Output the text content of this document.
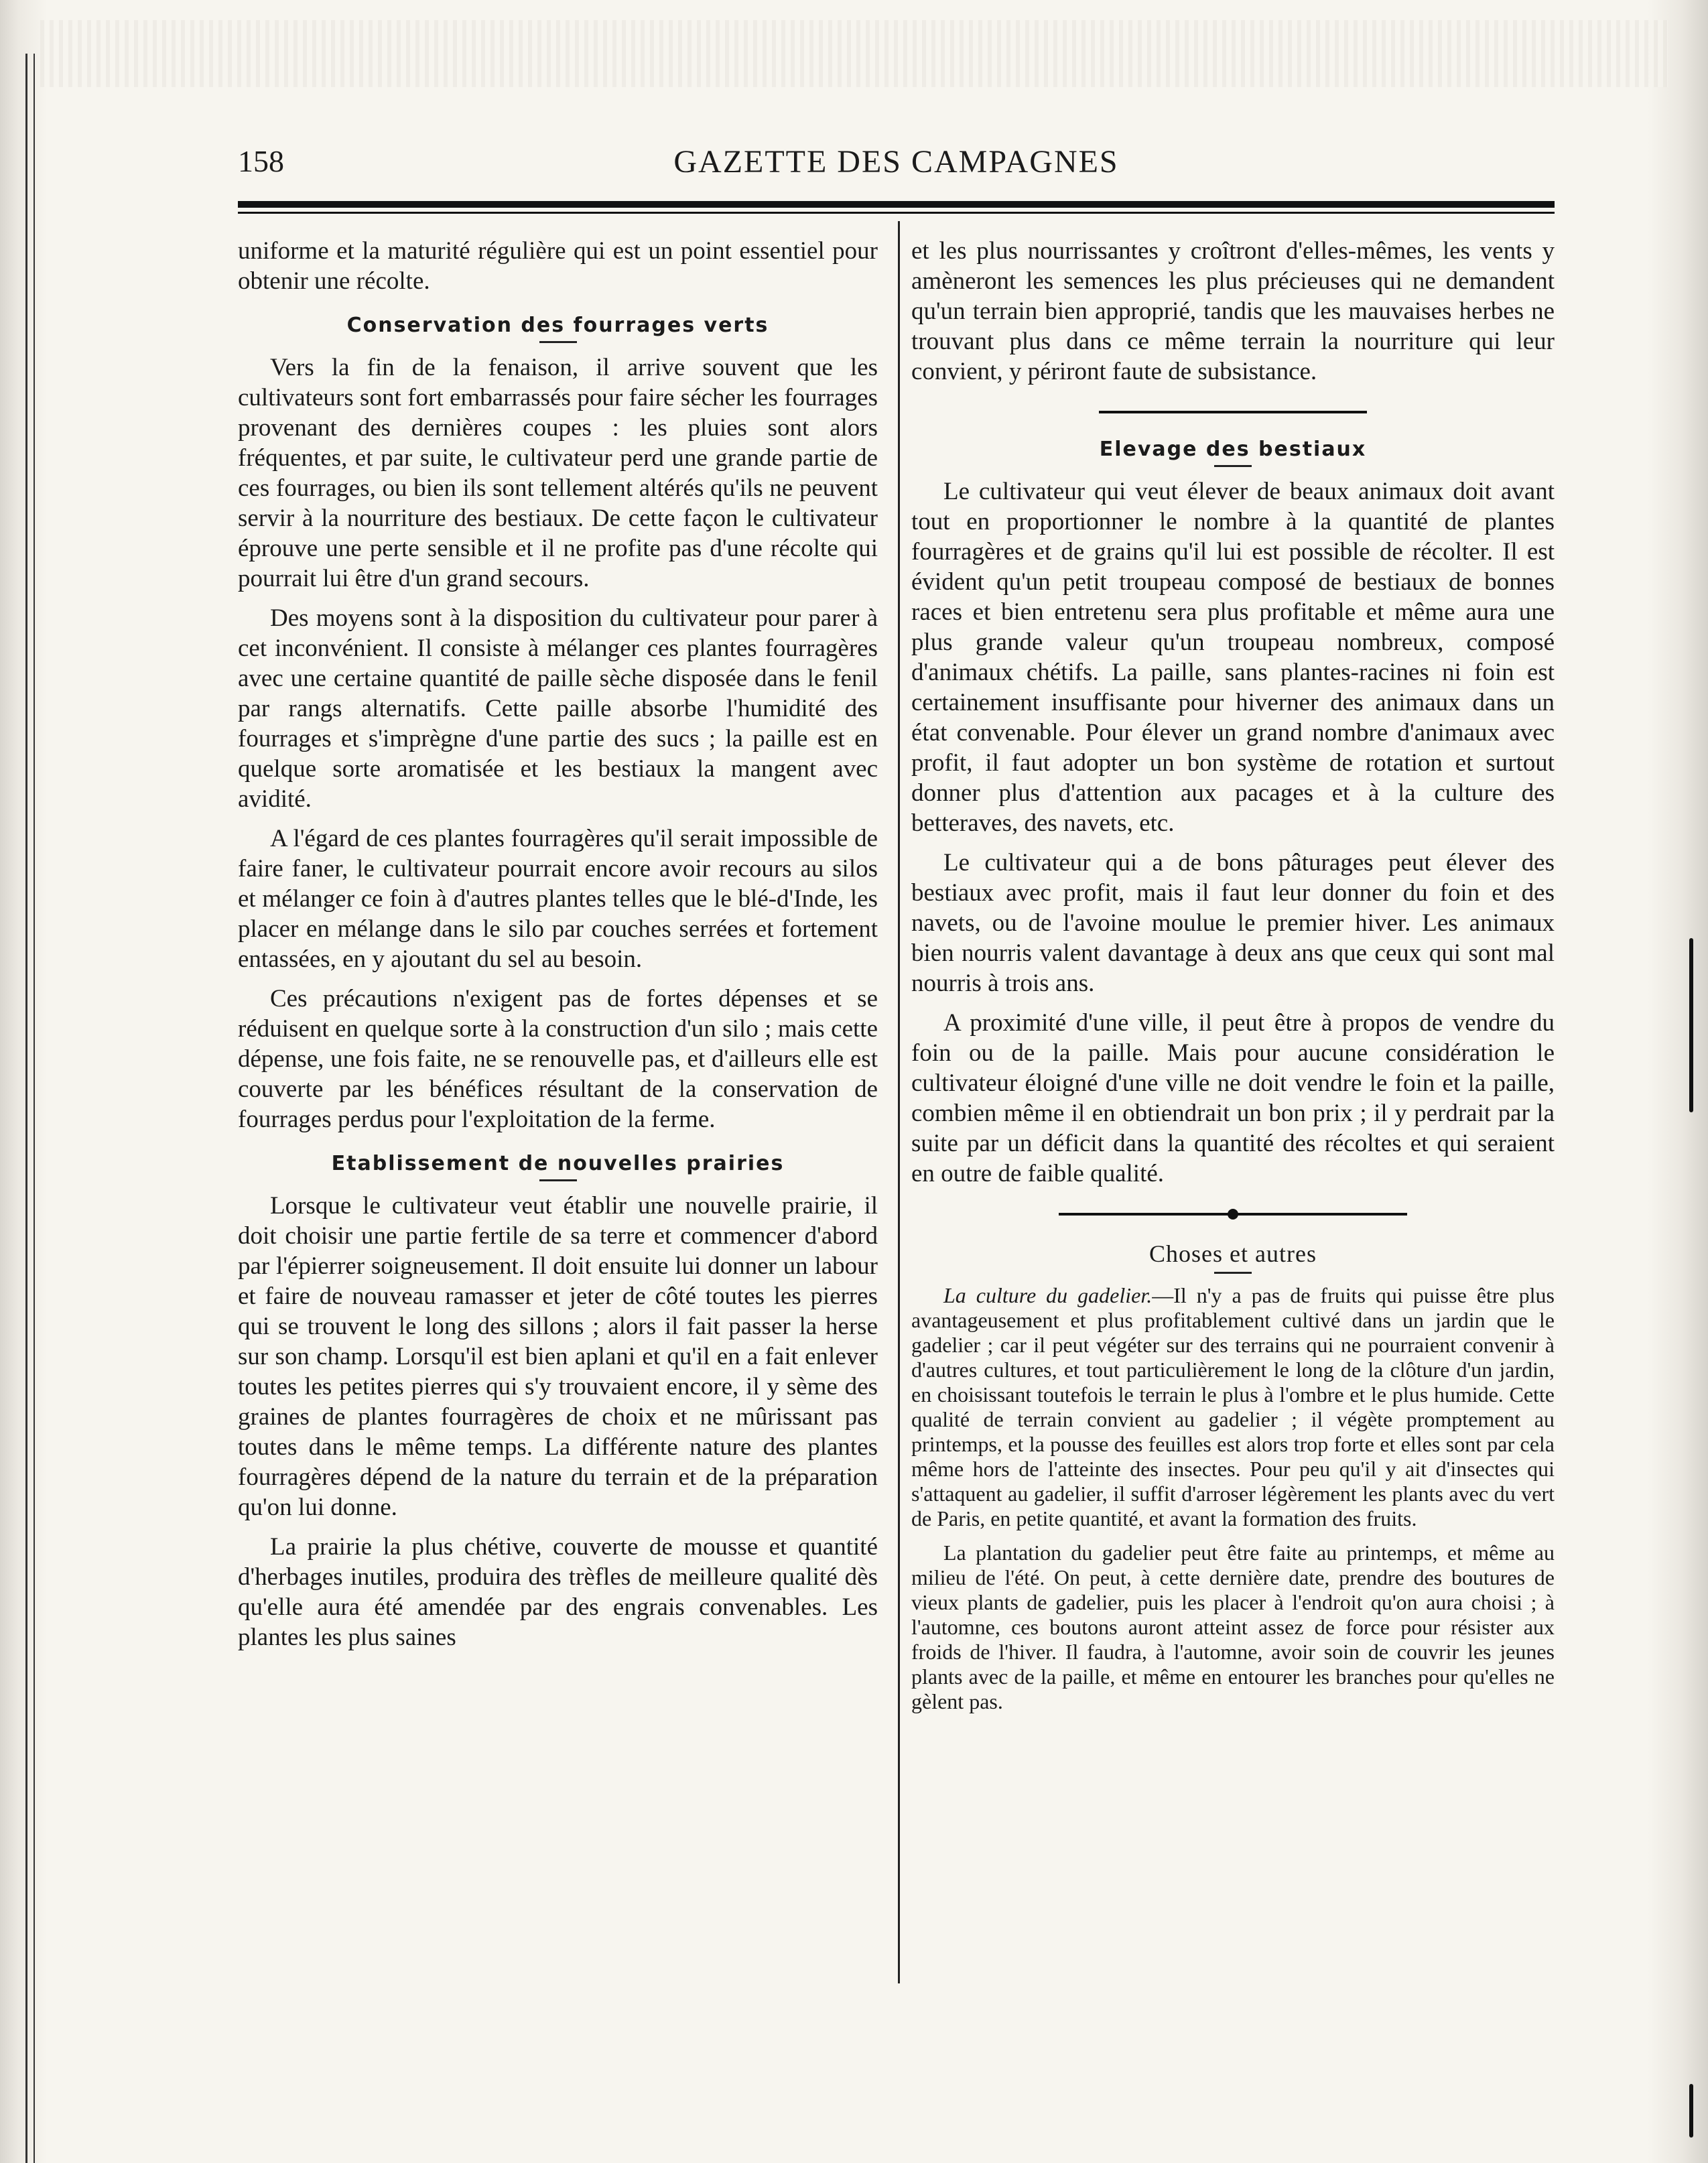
158	GAZETTE DES CAMPAGNES

uniforme et la maturité régulière qui est un point essentiel pour obtenir une récolte.

Conservation des fourrages verts

Vers la fin de la fenaison, il arrive souvent que les cultivateurs sont fort embarrassés pour faire sécher les fourrages provenant des dernières coupes : les pluies sont alors fréquentes, et par suite, le cultivateur perd une grande partie de ces fourrages, ou bien ils sont tellement altérés qu'ils ne peuvent servir à la nourriture des bestiaux. De cette façon le cultivateur éprouve une perte sensible et il ne profite pas d'une récolte qui pourrait lui être d'un grand secours.

Des moyens sont à la disposition du cultivateur pour parer à cet inconvénient. Il consiste à mélanger ces plantes fourragères avec une certaine quantité de paille sèche disposée dans le fenil par rangs alternatifs. Cette paille absorbe l'humidité des fourrages et s'imprègne d'une partie des sucs ; la paille est en quelque sorte aromatisée et les bestiaux la mangent avec avidité.

A l'égard de ces plantes fourragères qu'il serait impossible de faire faner, le cultivateur pourrait encore avoir recours au silos et mélanger ce foin à d'autres plantes telles que le blé-d'Inde, les placer en mélange dans le silo par couches serrées et fortement entassées, en y ajoutant du sel au besoin.

Ces précautions n'exigent pas de fortes dépenses et se réduisent en quelque sorte à la construction d'un silo ; mais cette dépense, une fois faite, ne se renouvelle pas, et d'ailleurs elle est couverte par les bénéfices résultant de la conservation de fourrages perdus pour l'exploitation de la ferme.

Etablissement de nouvelles prairies

Lorsque le cultivateur veut établir une nouvelle prairie, il doit choisir une partie fertile de sa terre et commencer d'abord par l'épierrer soigneusement. Il doit ensuite lui donner un labour et faire de nouveau ramasser et jeter de côté toutes les pierres qui se trouvent le long des sillons ; alors il fait passer la herse sur son champ. Lorsqu'il est bien aplani et qu'il en a fait enlever toutes les petites pierres qui s'y trouvaient encore, il y sème des graines de plantes fourragères de choix et ne mûrissant pas toutes dans le même temps. La différente nature des plantes fourragères dépend de la nature du terrain et de la préparation qu'on lui donne.

La prairie la plus chétive, couverte de mousse et quantité d'herbages inutiles, produira des trèfles de meilleure qualité dès qu'elle aura été amendée par des engrais convenables. Les plantes les plus saines

et les plus nourrissantes y croîtront d'elles-mêmes, les vents y amèneront les semences les plus précieuses qui ne demandent qu'un terrain bien approprié, tandis que les mauvaises herbes ne trouvant plus dans ce même terrain la nourriture qui leur convient, y périront faute de subsistance.

Elevage des bestiaux

Le cultivateur qui veut élever de beaux animaux doit avant tout en proportionner le nombre à la quantité de plantes fourragères et de grains qu'il lui est possible de récolter. Il est évident qu'un petit troupeau composé de bestiaux de bonnes races et bien entretenu sera plus profitable et même aura une plus grande valeur qu'un troupeau nombreux, composé d'animaux chétifs. La paille, sans plantes-racines ni foin est certainement insuffisante pour hiverner des animaux dans un état convenable. Pour élever un grand nombre d'animaux avec profit, il faut adopter un bon système de rotation et surtout donner plus d'attention aux pacages et à la culture des betteraves, des navets, etc.

Le cultivateur qui a de bons pâturages peut élever des bestiaux avec profit, mais il faut leur donner du foin et des navets, ou de l'avoine moulue le premier hiver. Les animaux bien nourris valent davantage à deux ans que ceux qui sont mal nourris à trois ans.

A proximité d'une ville, il peut être à propos de vendre du foin ou de la paille. Mais pour aucune considération le cultivateur éloigné d'une ville ne doit vendre le foin et la paille, combien même il en obtiendrait un bon prix ; il y perdrait par la suite par un déficit dans la quantité des récoltes et qui seraient en outre de faible qualité.

Choses et autres

La culture du gadelier.—Il n'y a pas de fruits qui puisse être plus avantageusement et plus profitablement cultivé dans un jardin que le gadelier ; car il peut végéter sur des terrains qui ne pourraient convenir à d'autres cultures, et tout particulièrement le long de la clôture d'un jardin, en choisissant toutefois le terrain le plus à l'ombre et le plus humide. Cette qualité de terrain convient au gadelier ; il végète promptement au printemps, et la pousse des feuilles est alors trop forte et elles sont par cela même hors de l'atteinte des insectes. Pour peu qu'il y ait d'insectes qui s'attaquent au gadelier, il suffit d'arroser légèrement les plants avec du vert de Paris, en petite quantité, et avant la formation des fruits.

La plantation du gadelier peut être faite au printemps, et même au milieu de l'été. On peut, à cette dernière date, prendre des boutures de vieux plants de gadelier, puis les placer à l'endroit qu'on aura choisi ; à l'automne, ces boutons auront atteint assez de force pour résister aux froids de l'hiver. Il faudra, à l'automne, avoir soin de couvrir les jeunes plants avec de la paille, et même en entourer les branches pour qu'elles ne gèlent pas.
